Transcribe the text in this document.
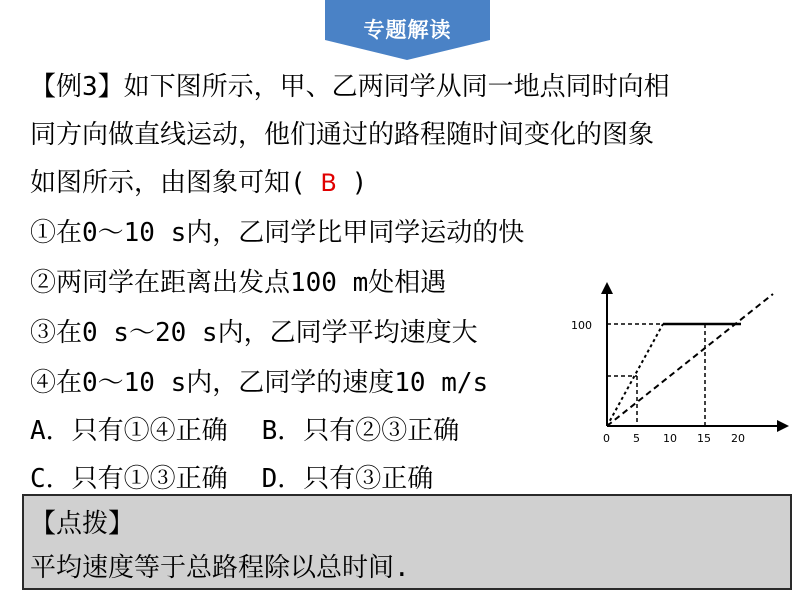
专题解读
【例3】如下图所示，甲、乙两同学从同一地点同时向相
同方向做直线运动，他们通过的路程随时间变化的图象
如图所示，由图象可知( B )
①在0～10 s内，乙同学比甲同学运动的快
②两同学在距离出发点100 m处相遇
③在0 s～20 s内，乙同学平均速度大
④在0～10 s内，乙同学的速度10 m/s
A．只有①④正确 B．只有②③正确
C．只有①③正确 D．只有③正确
100
0 5 10 15 20
【点拨】
平均速度等于总路程除以总时间.
